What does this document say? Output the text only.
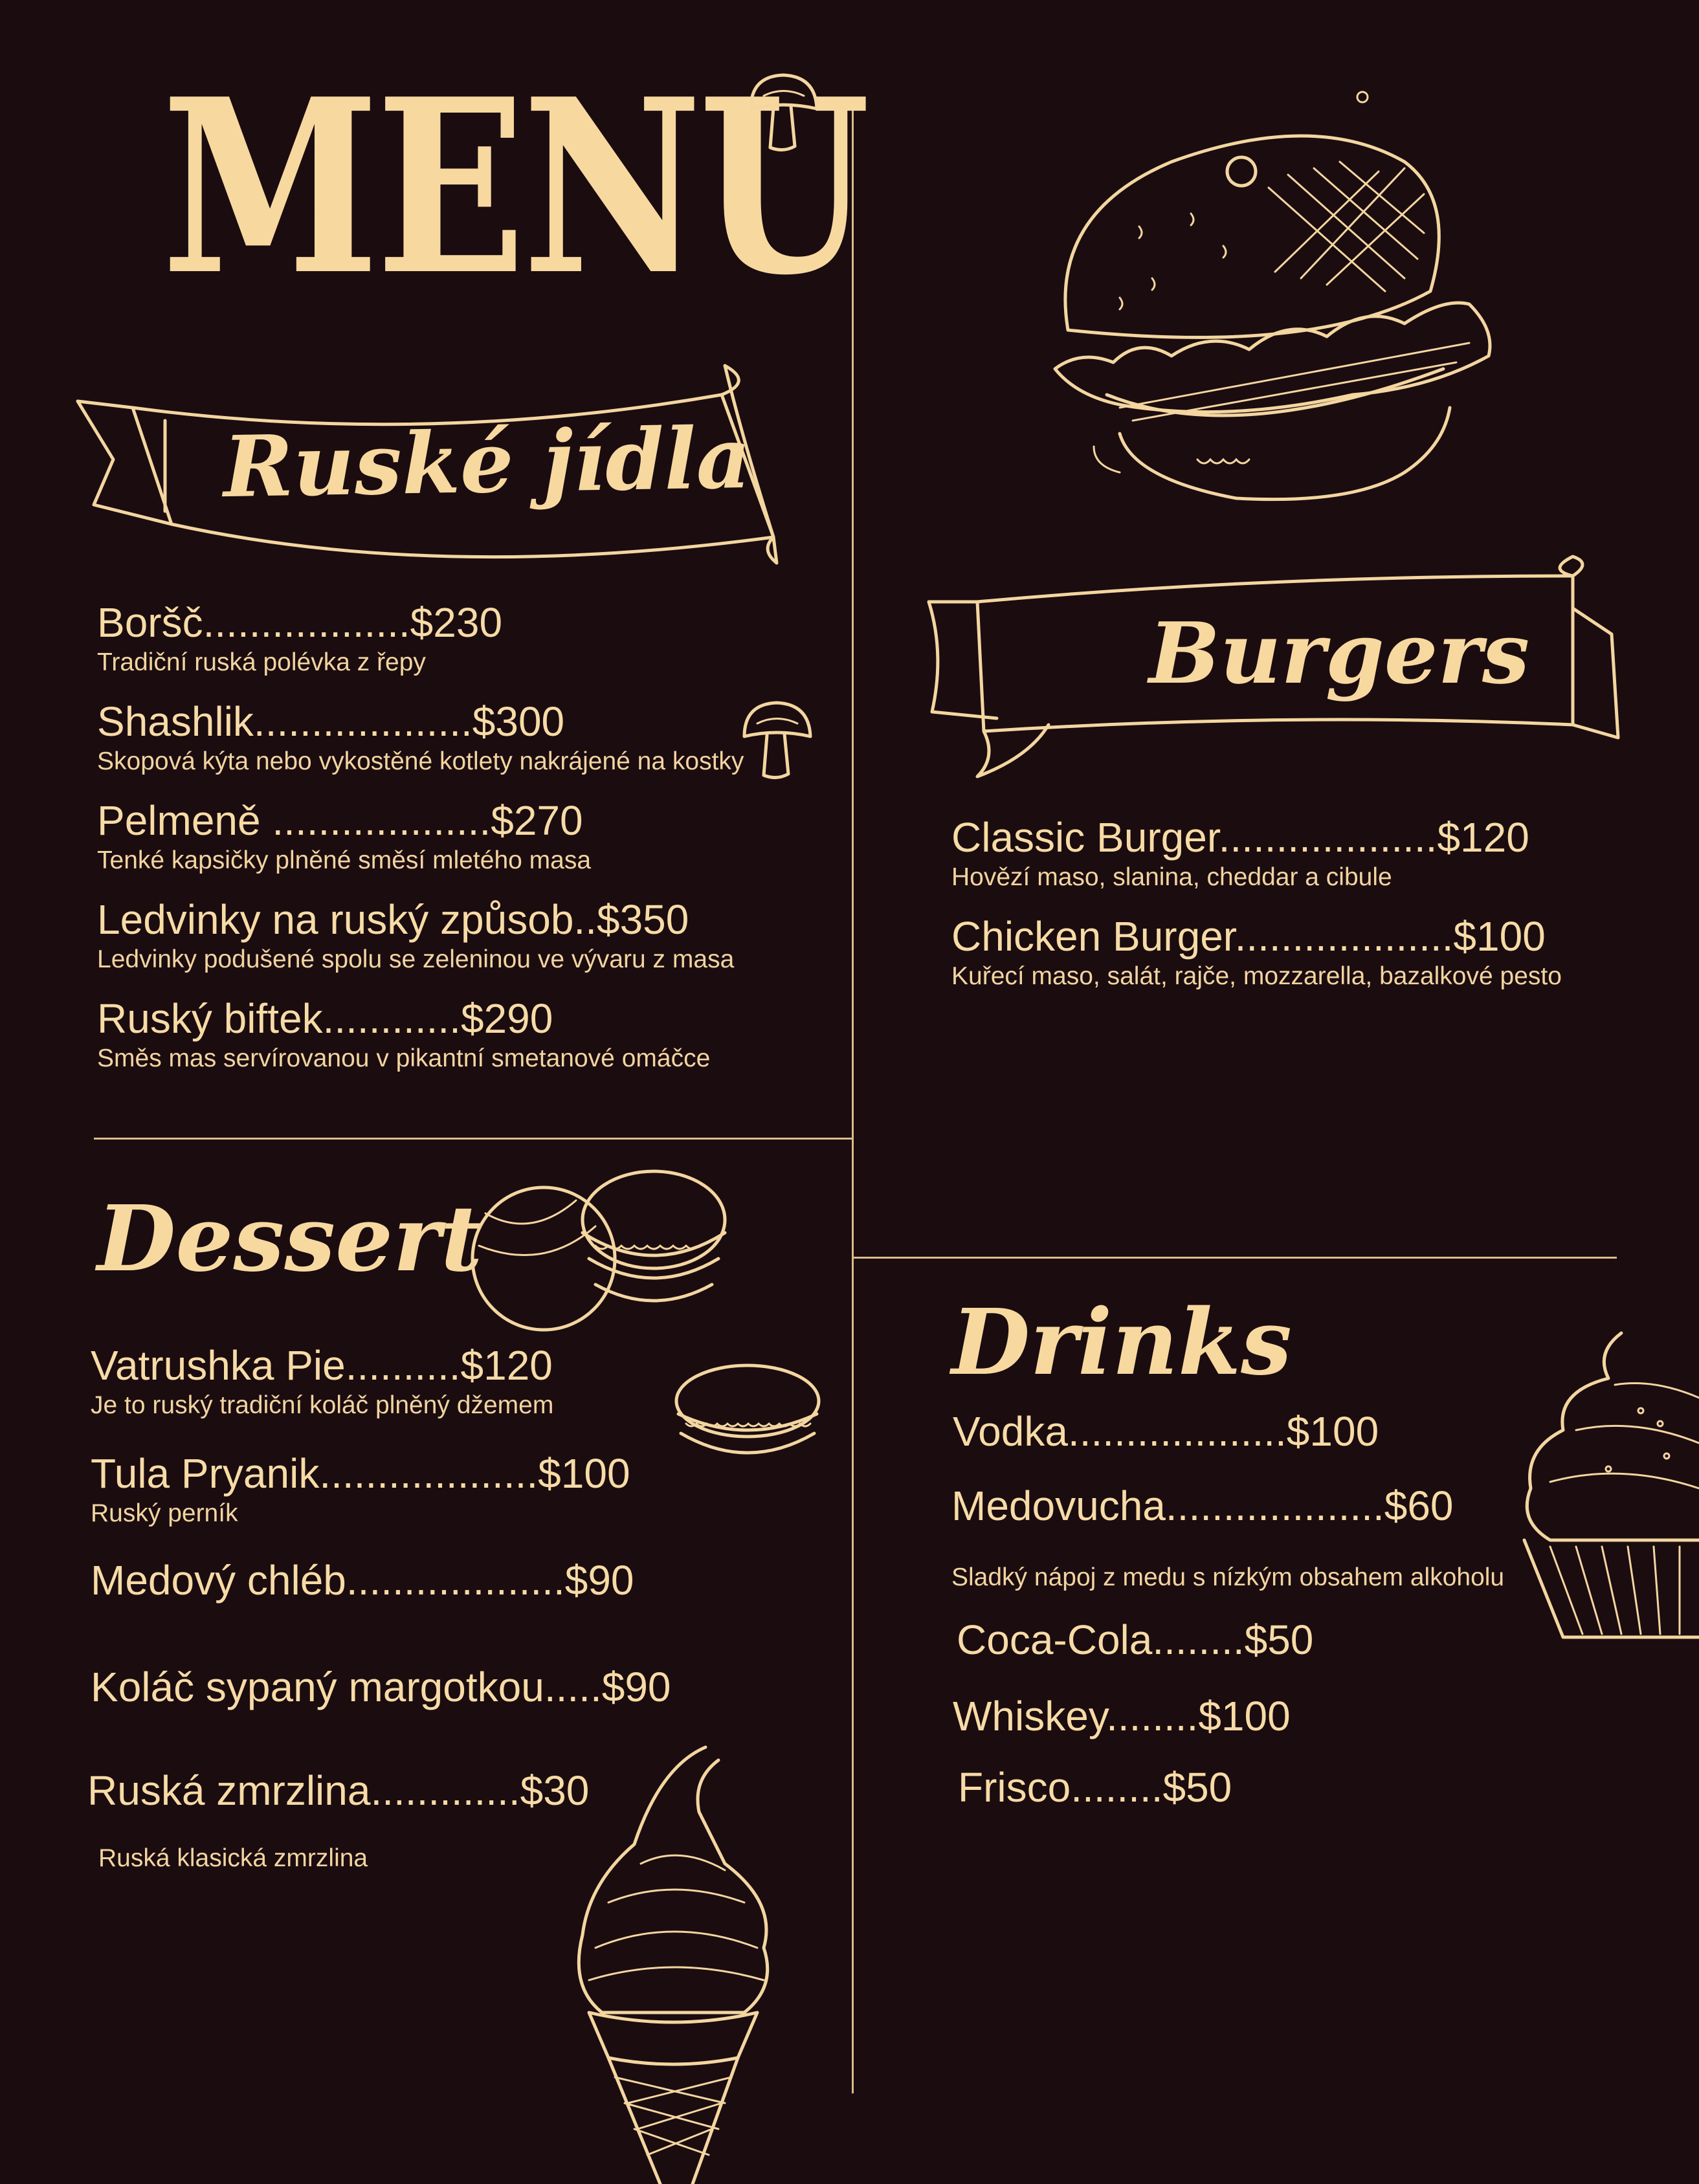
MENU
Ruské jídla
Boršč..................$230
Tradiční ruská polévka z řepy
Shashlik...................$300
Skopová kýta nebo vykostěné kotlety nakrájené na kostky
Pelmeně ...................$270
Tenké kapsičky plněné směsí mletého masa
Ledvinky na ruský způsob..$350
Ledvinky podušené spolu se zeleninou ve vývaru z masa
Ruský biftek............$290
Směs mas servírovanou v pikantní smetanové omáčce
Burgers
Classic Burger...................$120
Hovězí maso, slanina, cheddar a cibule
Chicken Burger...................$100
Kuřecí maso, salát, rajče, mozzarella, bazalkové pesto
Dessert
Vatrushka Pie..........$120
Je to ruský tradiční koláč plněný džemem
Tula Pryanik...................$100
Ruský perník
Medový chléb...................$90
Koláč sypaný margotkou.....$90
Ruská zmrzlina.............$30
Ruská klasická zmrzlina
Drinks
Vodka...................$100
Medovucha...................$60
Sladký nápoj z medu s nízkým obsahem alkoholu
Coca-Cola........$50
Whiskey........$100
Frisco........$50
